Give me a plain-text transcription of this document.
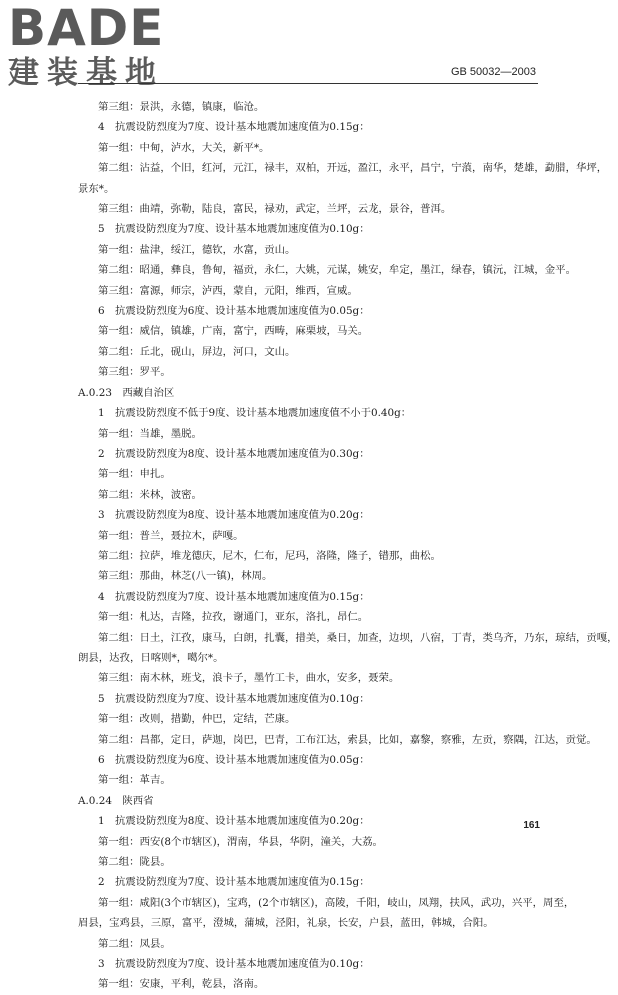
BADE
建装基地	GB 50032—2003
第三组：景洪，永德，镇康，临沧。
4　抗震设防烈度为7度、设计基本地震加速度值为0.15g：
第一组：中甸，泸水，大关，新平*。
第二组：沾益，个旧，红河，元江，禄丰，双柏，开远，盈江，永平，昌宁，宁蒗，南华，楚雄，勐腊，华坪，
景东*。
第三组：曲靖，弥勒，陆良，富民，禄劝，武定，兰坪，云龙，景谷，普洱。
5　抗震设防烈度为7度、设计基本地震加速度值为0.10g：
第一组：盐津，绥江，德钦，水富，贡山。
第二组：昭通，彝良，鲁甸，福贡，永仁，大姚，元谋，姚安，牟定，墨江，绿春，镇沅，江城，金平。
第三组：富源，师宗，泸西，蒙自，元阳，维西，宣威。
6　抗震设防烈度为6度、设计基本地震加速度值为0.05g：
第一组：威信，镇雄，广南，富宁，西畴，麻栗坡，马关。
第二组：丘北，砚山，屏边，河口，文山。
第三组：罗平。
A.0.23　西藏自治区
1　抗震设防烈度不低于9度、设计基本地震加速度值不小于0.40g：
第一组：当雄，墨脱。
2　抗震设防烈度为8度、设计基本地震加速度值为0.30g：
第一组：申扎。
第二组：米林，波密。
3　抗震设防烈度为8度、设计基本地震加速度值为0.20g：
第一组：普兰，聂拉木，萨嘎。
第二组：拉萨，堆龙德庆，尼木，仁布，尼玛，洛隆，隆子，错那，曲松。
第三组：那曲，林芝(八一镇)，林周。
4　抗震设防烈度为7度、设计基本地震加速度值为0.15g：
第一组：札达，吉隆，拉孜，谢通门，亚东，洛扎，昂仁。
第二组：日土，江孜，康马，白朗，扎囊，措美，桑日，加查，边坝，八宿，丁青，类乌齐，乃东，琼结，贡嘎，
朗县，达孜，日喀则*，噶尔*。
第三组：南木林，班戈，浪卡子，墨竹工卡，曲水，安多，聂荣。
5　抗震设防烈度为7度、设计基本地震加速度值为0.10g：
第一组：改则，措勤，仲巴，定结，芒康。
第二组：昌都，定日，萨迦，岗巴，巴青，工布江达，索县，比如，嘉黎，察雅，左贡，察隅，江达，贡觉。
6　抗震设防烈度为6度、设计基本地震加速度值为0.05g：
第一组：革吉。
A.0.24　陕西省
1　抗震设防烈度为8度、设计基本地震加速度值为0.20g：
第一组：西安(8个市辖区)，渭南，华县，华阴，潼关，大荔。
第二组：陇县。
2　抗震设防烈度为7度、设计基本地震加速度值为0.15g：
第一组：咸阳(3个市辖区)，宝鸡，(2个市辖区)，高陵，千阳，岐山，凤翔，扶风，武功，兴平，周至，
眉县，宝鸡县，三原，富平，澄城，蒲城，泾阳，礼泉，长安，户县，蓝田，韩城，合阳。
第二组：凤县。
3　抗震设防烈度为7度、设计基本地震加速度值为0.10g：
第一组：安康，平利，乾县，洛南。
161
